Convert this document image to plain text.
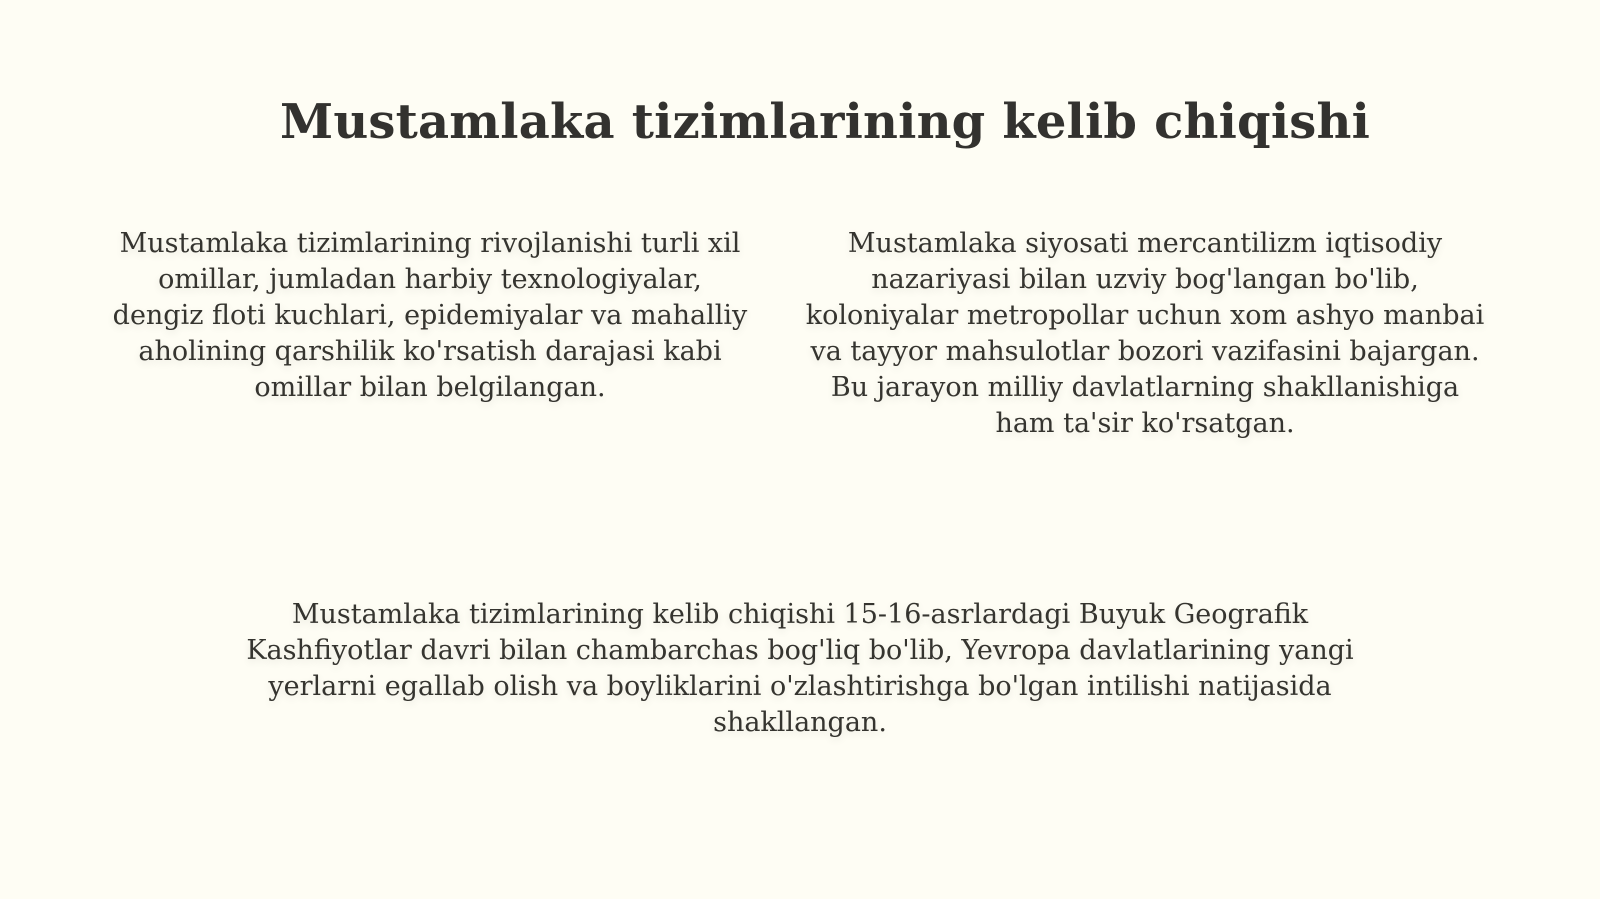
Mustamlaka tizimlarining kelib chiqishi

Mustamlaka tizimlarining rivojlanishi turli xil omillar, jumladan harbiy texnologiyalar, dengiz floti kuchlari, epidemiyalar va mahalliy aholining qarshilik ko'rsatish darajasi kabi omillar bilan belgilangan.

Mustamlaka siyosati mercantilizm iqtisodiy nazariyasi bilan uzviy bog'langan bo'lib, koloniyalar metropollar uchun xom ashyo manbai va tayyor mahsulotlar bozori vazifasini bajargan. Bu jarayon milliy davlatlarning shakllanishiga ham ta'sir ko'rsatgan.

Mustamlaka tizimlarining kelib chiqishi 15-16-asrlardagi Buyuk Geografik Kashfiyotlar davri bilan chambarchas bog'liq bo'lib, Yevropa davlatlarining yangi yerlarni egallab olish va boyliklarini o'zlashtirishga bo'lgan intilishi natijasida shakllangan.
